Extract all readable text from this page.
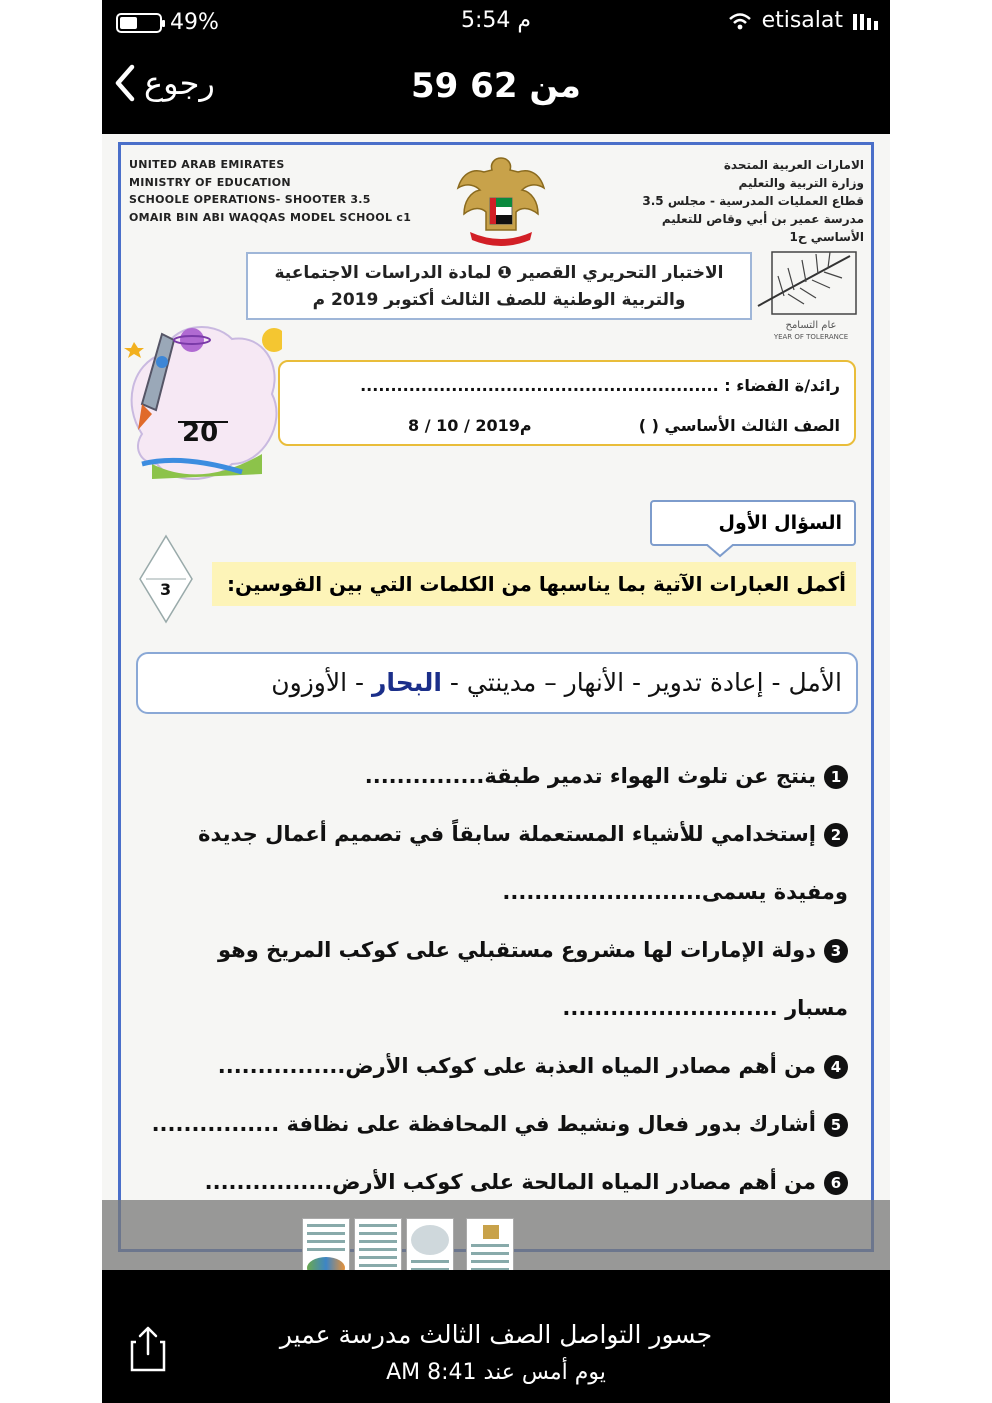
49%	5:54 م	etisalat
رجوع	59 من 62
UNITED ARAB EMIRATES
MINISTRY OF EDUCATION
SCHOOLE OPERATIONS- SHOOTER 3.5
OMAIR BIN ABI WAQQAS MODEL SCHOOL c1
الامارات العربية المتحدة
وزارة التربية والتعليم
قطاع العمليات المدرسية - مجلس 3.5
مدرسة عمير بن أبي وقاص للتعليم الأساسي ح1
عام التسامح
YEAR OF TOLERANCE
الاختبار التحريري القصير ❶ لمادة الدراسات الاجتماعية
والتربية الوطنية للصف الثالث أكتوبر 2019 م
20
رائد/ة الفضاء : ...........................................................
الصف الثالث الأساسي ( )
8 / 10 / 2019م
السؤال الأول
3	أكمل العبارات الآتية بما يناسبها من الكلمات التي بين القوسين:
الأمل - إعادة تدوير - الأنهار – مدينتي - البحار - الأوزون
1ينتج عن تلوث الهواء تدمير طبقة...............
2إستخدامي للأشياء المستعملة سابقاً في تصميم أعمال جديدة
ومفيدة يسمى.........................
3دولة الإمارات لها مشروع مستقبلي على كوكب المريخ وهو
مسبار ...........................
4من أهم مصادر المياه العذبة على كوكب الأرض................
5أشارك بدور فعال ونشيط في المحافظة على نظافة ................
6من أهم مصادر المياه المالحة على كوكب الأرض................
جسور التواصل الصف الثالث مدرسة عمير
يوم أمس عند 8:41 AM
